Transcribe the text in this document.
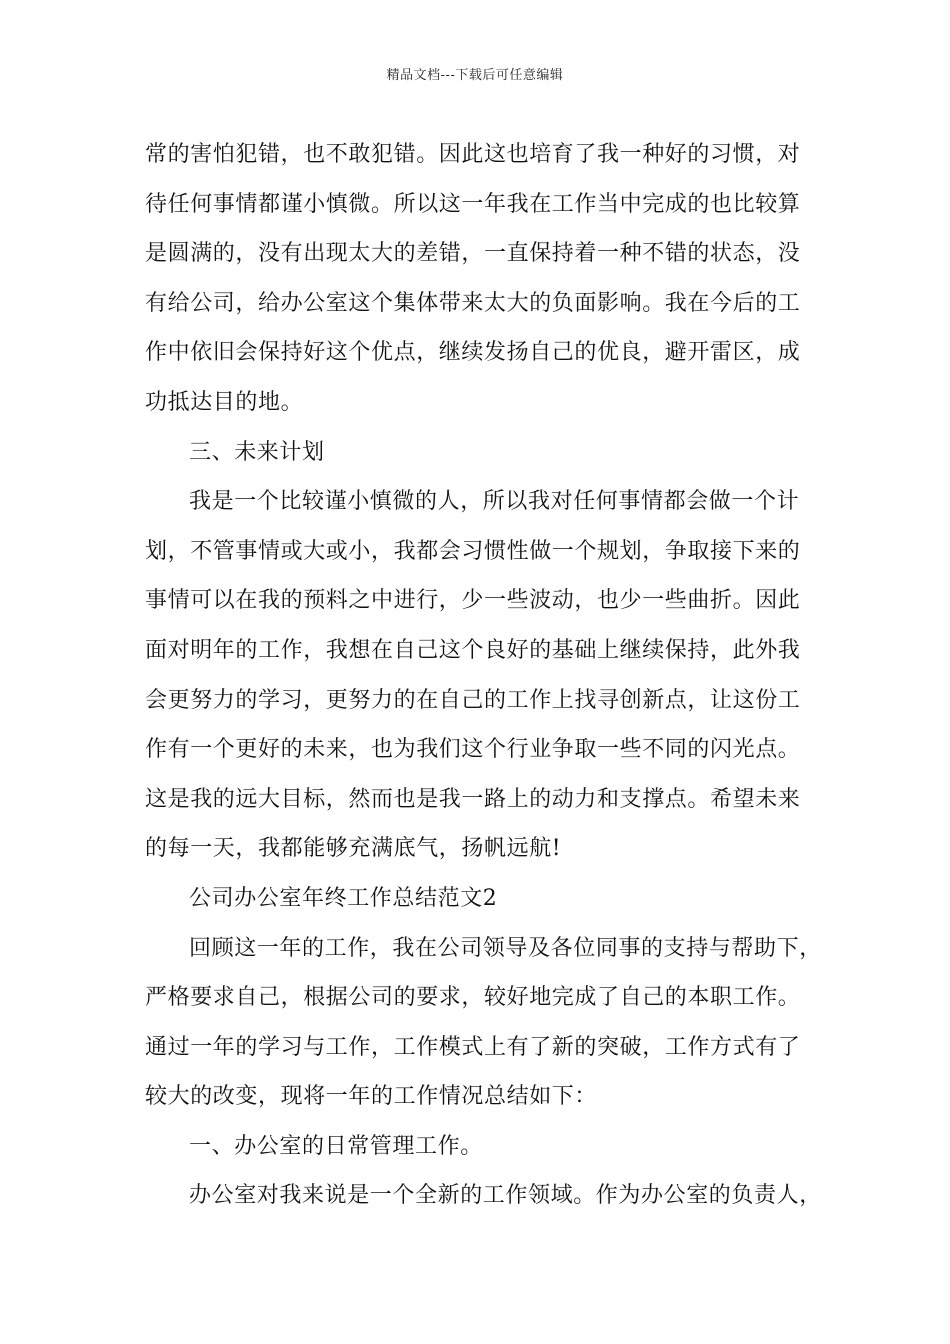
精品文档---下载后可任意编辑
常的害怕犯错，也不敢犯错。因此这也培育了我一种好的习惯，对
待任何事情都谨小慎微。所以这一年我在工作当中完成的也比较算
是圆满的，没有出现太大的差错，一直保持着一种不错的状态，没
有给公司，给办公室这个集体带来太大的负面影响。我在今后的工
作中依旧会保持好这个优点，继续发扬自己的优良，避开雷区，成
功抵达目的地。
三、未来计划
我是一个比较谨小慎微的人，所以我对任何事情都会做一个计
划，不管事情或大或小，我都会习惯性做一个规划，争取接下来的
事情可以在我的预料之中进行，少一些波动，也少一些曲折。因此
面对明年的工作，我想在自己这个良好的基础上继续保持，此外我
会更努力的学习，更努力的在自己的工作上找寻创新点，让这份工
作有一个更好的未来，也为我们这个行业争取一些不同的闪光点。
这是我的远大目标，然而也是我一路上的动力和支撑点。希望未来
的每一天，我都能够充满底气，扬帆远航!
公司办公室年终工作总结范文2
回顾这一年的工作，我在公司领导及各位同事的支持与帮助下，
严格要求自己，根据公司的要求，较好地完成了自己的本职工作。
通过一年的学习与工作，工作模式上有了新的突破，工作方式有了
较大的改变，现将一年的工作情况总结如下：
一、办公室的日常管理工作。
办公室对我来说是一个全新的工作领域。作为办公室的负责人，
